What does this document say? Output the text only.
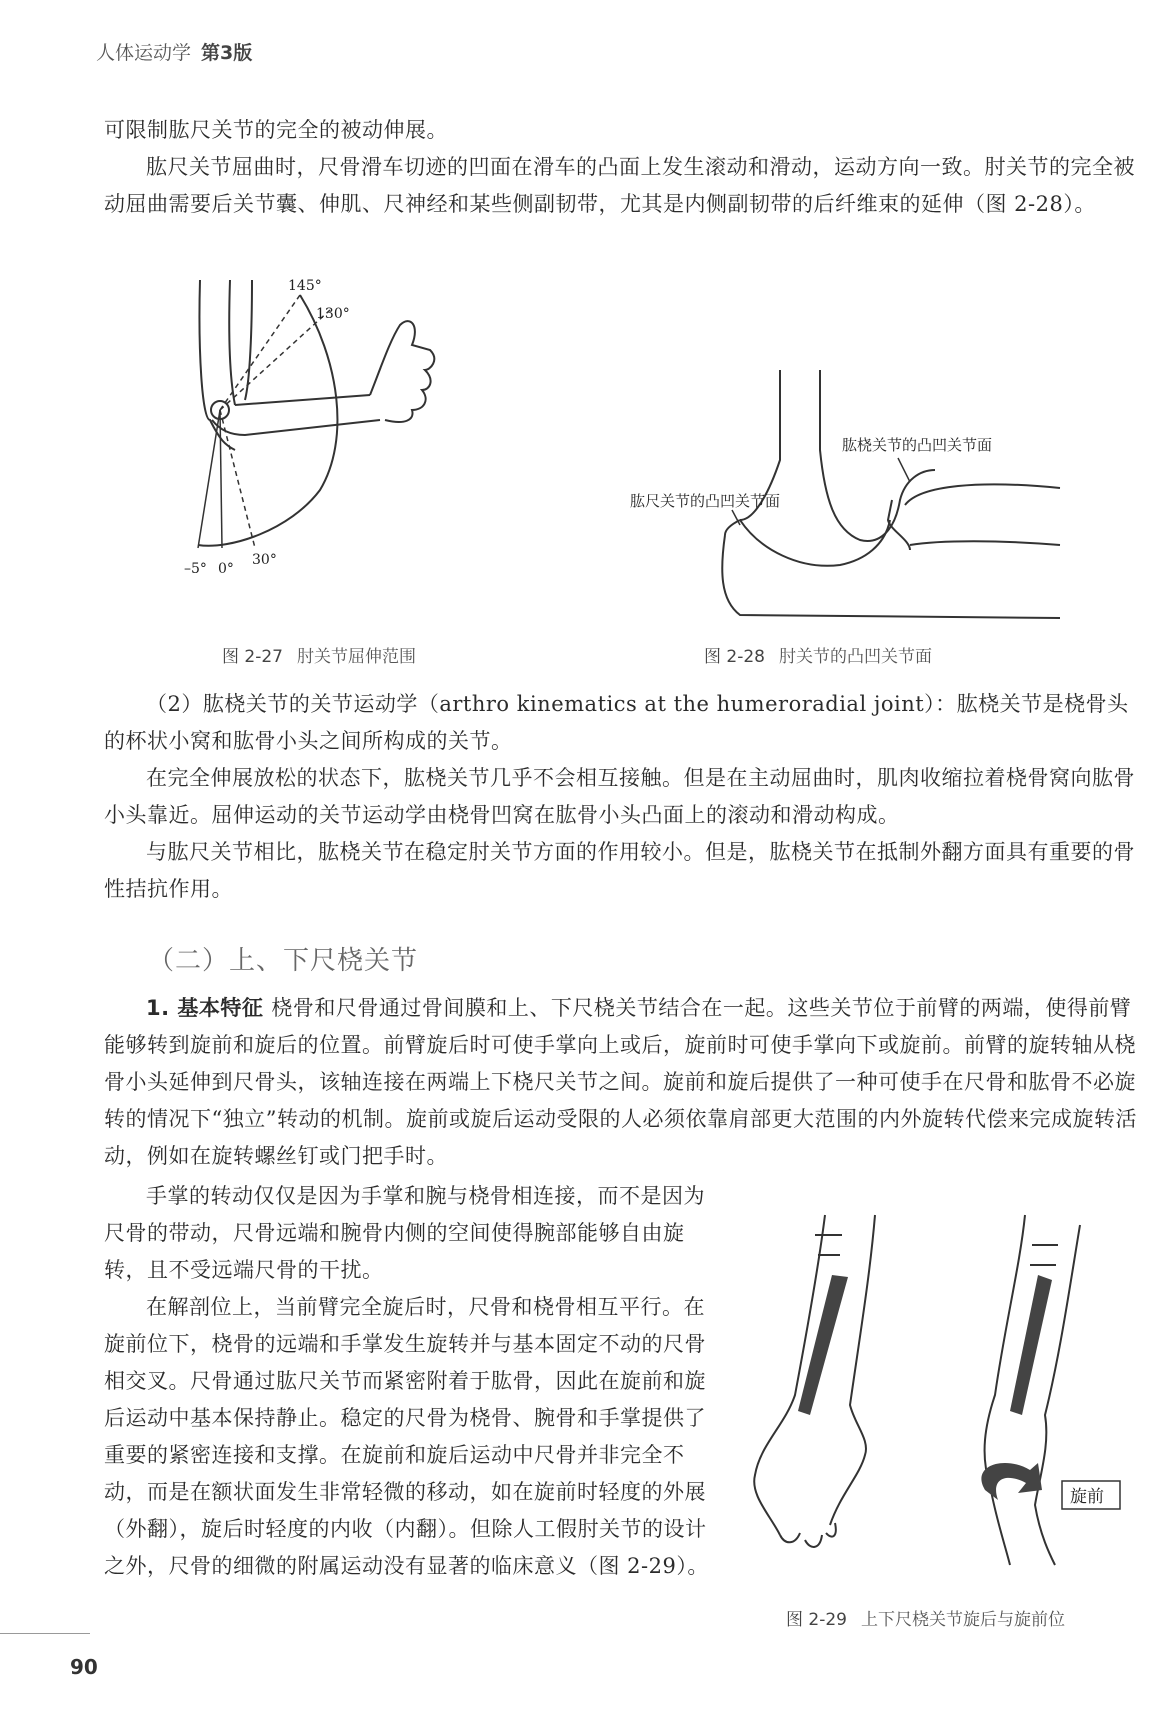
人体运动学 第3版

可限制肱尺关节的完全的被动伸展。

肱尺关节屈曲时，尺骨滑车切迹的凹面在滑车的凸面上发生滚动和滑动，运动方向一致。肘关节的完全被动屈曲需要后关节囊、伸肌、尺神经和某些侧副韧带，尤其是内侧副韧带的后纤维束的延伸（图 2-28）。

145°
130°
–5° 0°
30°
图 2-27 肘关节屈伸范围
肱桡关节的凸凹关节面
肱尺关节的凸凹关节面
图 2-28 肘关节的凸凹关节面

（2）肱桡关节的关节运动学（arthro kinematics at the humeroradial joint）：肱桡关节是桡骨头的杯状小窝和肱骨小头之间所构成的关节。

在完全伸展放松的状态下，肱桡关节几乎不会相互接触。但是在主动屈曲时，肌肉收缩拉着桡骨窝向肱骨小头靠近。屈伸运动的关节运动学由桡骨凹窝在肱骨小头凸面上的滚动和滑动构成。

与肱尺关节相比，肱桡关节在稳定肘关节方面的作用较小。但是，肱桡关节在抵制外翻方面具有重要的骨性拮抗作用。

（二）上、下尺桡关节

1. 基本特征 桡骨和尺骨通过骨间膜和上、下尺桡关节结合在一起。这些关节位于前臂的两端，使得前臂能够转到旋前和旋后的位置。前臂旋后时可使手掌向上或后，旋前时可使手掌向下或旋前。前臂的旋转轴从桡骨小头延伸到尺骨头，该轴连接在两端上下桡尺关节之间。旋前和旋后提供了一种可使手在尺骨和肱骨不必旋转的情况下“独立”转动的机制。旋前或旋后运动受限的人必须依靠肩部更大范围的内外旋转代偿来完成旋转活动，例如在旋转螺丝钉或门把手时。

手掌的转动仅仅是因为手掌和腕与桡骨相连接，而不是因为尺骨的带动，尺骨远端和腕骨内侧的空间使得腕部能够自由旋转，且不受远端尺骨的干扰。

在解剖位上，当前臂完全旋后时，尺骨和桡骨相互平行。在旋前位下，桡骨的远端和手掌发生旋转并与基本固定不动的尺骨相交叉。尺骨通过肱尺关节而紧密附着于肱骨，因此在旋前和旋后运动中基本保持静止。稳定的尺骨为桡骨、腕骨和手掌提供了重要的紧密连接和支撑。在旋前和旋后运动中尺骨并非完全不动，而是在额状面发生非常轻微的移动，如在旋前时轻度的外展（外翻），旋后时轻度的内收（内翻）。但除人工假肘关节的设计之外，尺骨的细微的附属运动没有显著的临床意义（图 2-29）。

旋前
图 2-29 上下尺桡关节旋后与旋前位
90
